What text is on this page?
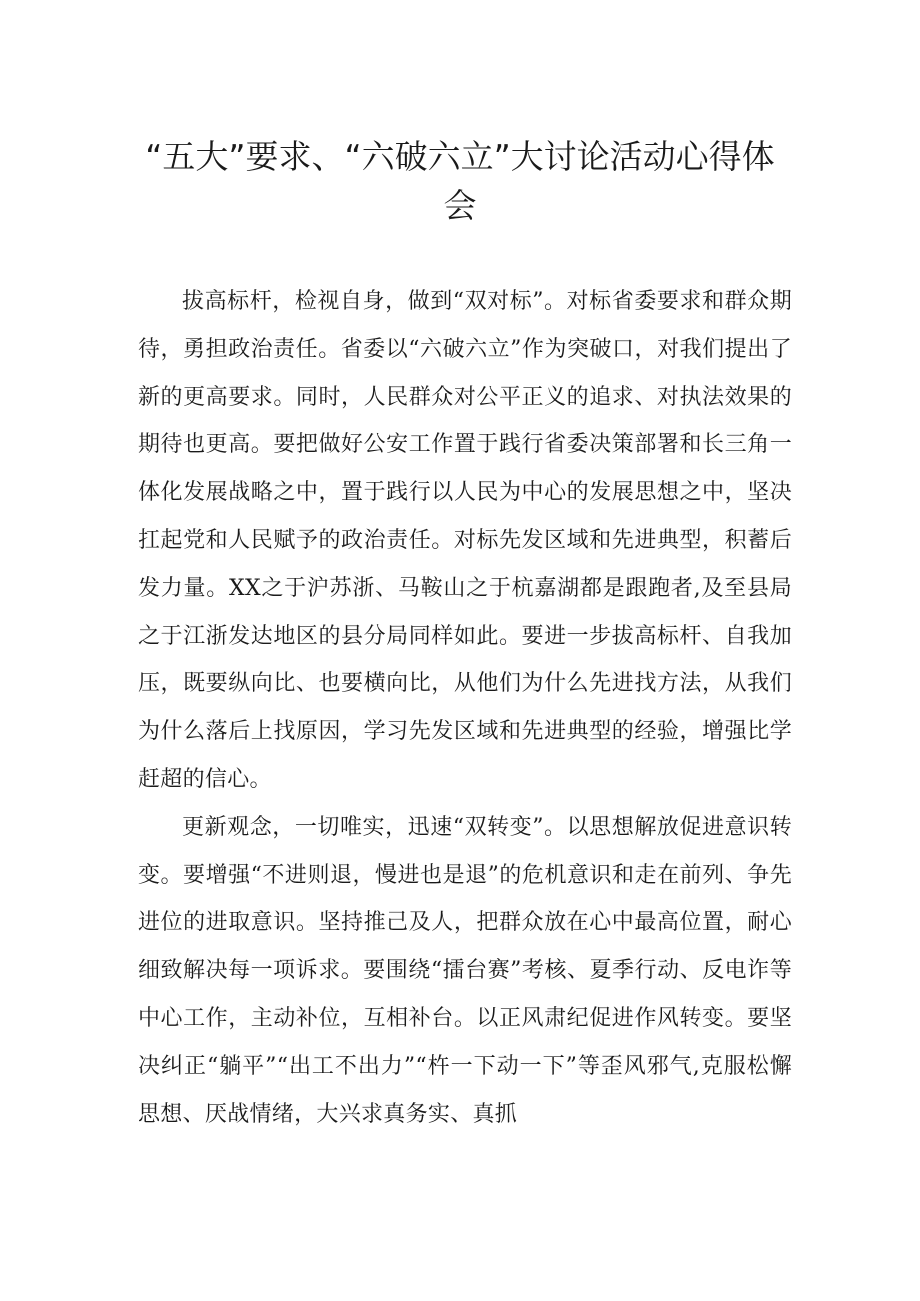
“五大”要求、“六破六立”大讨论活动心得体会

拔高标杆，检视自身，做到“双对标”。对标省委要求和群众期待，勇担政治责任。省委以“六破六立”作为突破口，对我们提出了新的更高要求。同时，人民群众对公平正义的追求、对执法效果的期待也更高。要把做好公安工作置于践行省委决策部署和长三角一体化发展战略之中，置于践行以人民为中心的发展思想之中，坚决扛起党和人民赋予的政治责任。对标先发区域和先进典型，积蓄后发力量。XX之于沪苏浙、马鞍山之于杭嘉湖都是跟跑者,及至县局之于江浙发达地区的县分局同样如此。要进一步拔高标杆、自我加压，既要纵向比、也要横向比，从他们为什么先进找方法，从我们为什么落后上找原因，学习先发区域和先进典型的经验，增强比学赶超的信心。

更新观念，一切唯实，迅速“双转变”。以思想解放促进意识转变。要增强“不进则退，慢进也是退”的危机意识和走在前列、争先进位的进取意识。坚持推己及人，把群众放在心中最高位置，耐心细致解决每一项诉求。要围绕“擂台赛”考核、夏季行动、反电诈等中心工作，主动补位，互相补台。以正风肃纪促进作风转变。要坚决纠正“躺平”“出工不出力”“杵一下动一下”等歪风邪气,克服松懈思想、厌战情绪，大兴求真务实、真抓
